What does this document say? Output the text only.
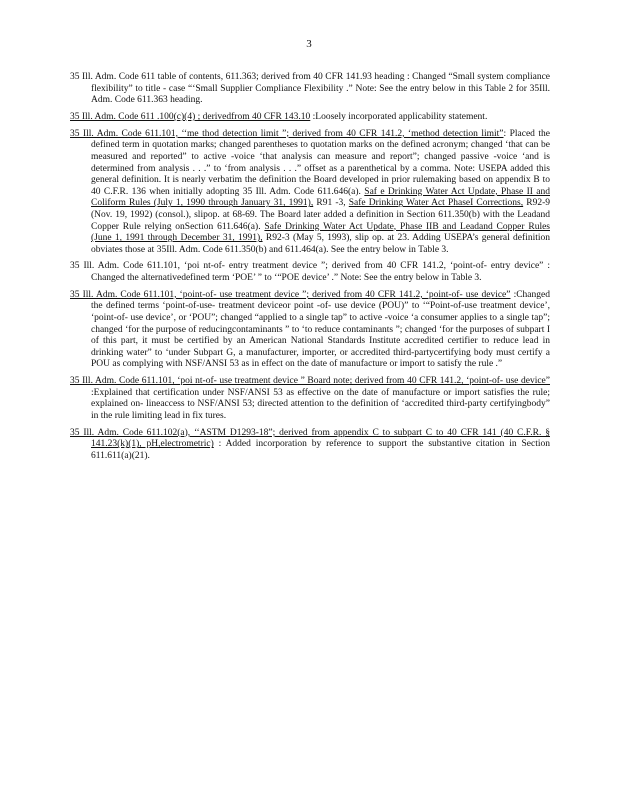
3

35 Ill. Adm. Code 611 table of contents, 611.363; derived from 40 CFR 141.93 heading : Changed “Small system compliance flexibility” to title - case “‘Small Supplier Compliance Flexibility .” Note: See the entry below in this Table 2 for 35Ill. Adm. Code 611.363 heading.

35 Ill. Adm. Code 611 .100(c)(4) ; derivedfrom 40 CFR 143.10 :Loosely incorporated applicability statement.

35 Ill. Adm. Code 611.101, ‘‘me thod detection limit ”; derived from 40 CFR 141.2, ‘method detection limit”: Placed the defined term in quotation marks; changed parentheses to quotation marks on the defined acronym; changed ‘that can be measured and reported” to active -voice ‘that analysis can measure and report”; changed passive -voice ‘and is determined from analysis . . .” to ‘from analysis . . .” offset as a parenthetical by a comma. Note: USEPA added this general definition. It is nearly verbatim the definition the Board developed in prior rulemaking based on appendix B to 40 C.F.R. 136 when initially adopting 35 Ill. Adm. Code 611.646(a). Saf e Drinking Water Act Update, Phase II and Coliform Rules (July 1, 1990 through January 31, 1991), R91 -3, Safe Drinking Water Act PhaseI Corrections, R92-9 (Nov. 19, 1992) (consol.), slipop. at 68-69. The Board later added a definition in Section 611.350(b) with the Leadand Copper Rule relying onSection 611.646(a). Safe Drinking Water Act Update, Phase IIB and Leadand Copper Rules (June 1, 1991 through December 31, 1991), R92-3 (May 5, 1993), slip op. at 23. Adding USEPA’s general definition obviates those at 35Ill. Adm. Code 611.350(b) and 611.464(a). See the entry below in Table 3.

35 Ill. Adm. Code 611.101, ‘poi nt-of- entry treatment device ”; derived from 40 CFR 141.2, ‘point-of- entry device” : Changed the alternativedefined term ‘POE’ ” to ‘“POE device’ .” Note: See the entry below in Table 3.

35 Ill. Adm. Code 611.101, ‘point-of- use treatment device ”; derived from 40 CFR 141.2, ‘point-of- use device” :Changed the defined terms ‘point-of-use- treatment deviceor point -of- use device (POU)” to ‘“Point-of-use treatment device’, ‘point-of- use device’, or ‘POU”; changed “applied to a single tap” to active -voice ‘a consumer applies to a single tap”; changed ‘for the purpose of reducingcontaminants ” to ‘to reduce contaminants ”; changed ‘for the purposes of subpart I of this part, it must be certified by an American National Standards Institute accredited certifier to reduce lead in drinking water” to ‘under Subpart G, a manufacturer, importer, or accredited third-partycertifying body must certify a POU as complying with NSF/ANSI 53 as in effect on the date of manufacture or import to satisfy the rule .”

35 Ill. Adm. Code 611.101, ‘poi nt-of- use treatment device ” Board note; derived from 40 CFR 141.2, ‘point-of- use device” :Explained that certification under NSF/ANSI 53 as effective on the date of manufacture or import satisfies the rule; explained on- lineaccess to NSF/ANSI 53; directed attention to the definition of ‘accredited third-party certifyingbody” in the rule limiting lead in fix tures.

35 Ill. Adm. Code 611.102(a), ‘‘ASTM D1293-18”; derived from appendix C to subpart C to 40 CFR 141 (40 C.F.R. § 141.23(k)(1), pH,electrometric) : Added incorporation by reference to support the substantive citation in Section 611.611(a)(21).
